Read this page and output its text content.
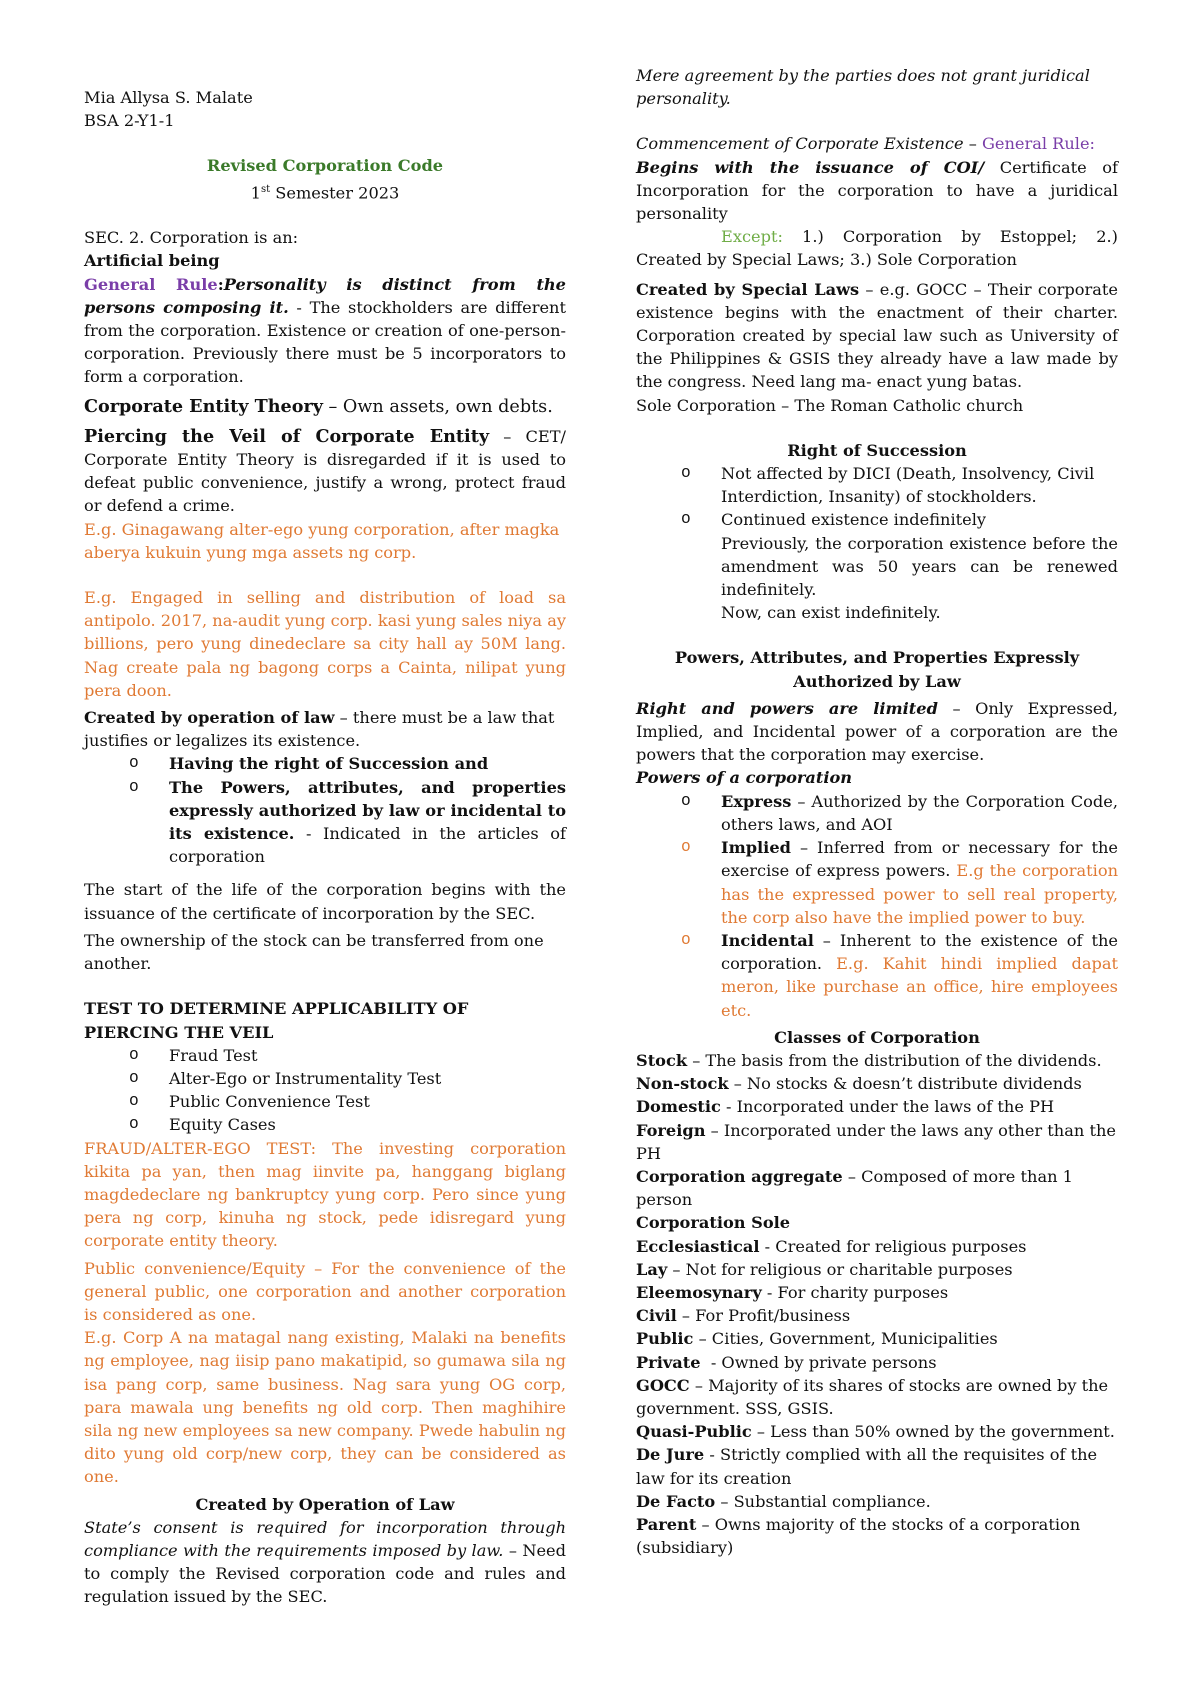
Mia Allysa S. Malate

BSA 2-Y1-1

Revised Corporation Code

1st Semester 2023

SEC. 2. Corporation is an:

Artificial being

General Rule:Personality is distinct from the persons composing it. - The stockholders are different from the corporation. Existence or creation of one-person-corporation. Previously there must be 5 incorporators to form a corporation.

Corporate Entity Theory – Own assets, own debts.

Piercing the Veil of Corporate Entity – CET/ Corporate Entity Theory is disregarded if it is used to defeat public convenience, justify a wrong, protect fraud or defend a crime.

E.g. Ginagawang alter-ego yung corporation, after magka aberya kukuin yung mga assets ng corp.

E.g. Engaged in selling and distribution of load sa antipolo. 2017, na-audit yung corp. kasi yung sales niya ay billions, pero yung dinedeclare sa city hall ay 50M lang. Nag create pala ng bagong corps a Cainta, nilipat yung pera doon.

Created by operation of law – there must be a law that justifies or legalizes its existence.

o Having the right of Succession and
o The Powers, attributes, and properties expressly authorized by law or incidental to its existence. - Indicated in the articles of corporation

The start of the life of the corporation begins with the issuance of the certificate of incorporation by the SEC.

The ownership of the stock can be transferred from one another.

TEST TO DETERMINE APPLICABILITY OF PIERCING THE VEIL

o Fraud Test
o Alter-Ego or Instrumentality Test
o Public Convenience Test
o Equity Cases

FRAUD/ALTER-EGO TEST: The investing corporation kikita pa yan, then mag iinvite pa, hanggang biglang magdedeclare ng bankruptcy yung corp. Pero since yung pera ng corp, kinuha ng stock, pede idisregard yung corporate entity theory.

Public convenience/Equity – For the convenience of the general public, one corporation and another corporation is considered as one.

E.g. Corp A na matagal nang existing, Malaki na benefits ng employee, nag iisip pano makatipid, so gumawa sila ng isa pang corp, same business. Nag sara yung OG corp, para mawala ung benefits ng old corp. Then maghihire sila ng new employees sa new company. Pwede habulin ng dito yung old corp/new corp, they can be considered as one.

Created by Operation of Law

State’s consent is required for incorporation through compliance with the requirements imposed by law. – Need to comply the Revised corporation code and rules and regulation issued by the SEC.

Mere agreement by the parties does not grant juridical personality.

Commencement of Corporate Existence – General Rule:

Begins with the issuance of COI/ Certificate of Incorporation for the corporation to have a juridical personality

Except: 1.) Corporation by Estoppel; 2.) Created by Special Laws; 3.) Sole Corporation

Created by Special Laws – e.g. GOCC – Their corporate existence begins with the enactment of their charter. Corporation created by special law such as University of the Philippines & GSIS they already have a law made by the congress. Need lang ma- enact yung batas.

Sole Corporation – The Roman Catholic church

Right of Succession

o Not affected by DICI (Death, Insolvency, Civil Interdiction, Insanity) of stockholders.
o Continued existence indefinitely

Previously, the corporation existence before the amendment was 50 years can be renewed indefinitely.

Now, can exist indefinitely.

Powers, Attributes, and Properties Expressly Authorized by Law

Right and powers are limited – Only Expressed, Implied, and Incidental power of a corporation are the powers that the corporation may exercise.

Powers of a corporation

o Express – Authorized by the Corporation Code, others laws, and AOI
o Implied – Inferred from or necessary for the exercise of express powers. E.g the corporation has the expressed power to sell real property, the corp also have the implied power to buy.
o Incidental – Inherent to the existence of the corporation. E.g. Kahit hindi implied dapat meron, like purchase an office, hire employees etc.

Classes of Corporation

Stock – The basis from the distribution of the dividends.

Non-stock – No stocks & doesn’t distribute dividends

Domestic - Incorporated under the laws of the PH

Foreign – Incorporated under the laws any other than the PH

Corporation aggregate – Composed of more than 1 person

Corporation Sole

Ecclesiastical - Created for religious purposes

Lay – Not for religious or charitable purposes

Eleemosynary - For charity purposes

Civil – For Profit/business

Public – Cities, Government, Municipalities

Private  - Owned by private persons

GOCC – Majority of its shares of stocks are owned by the government. SSS, GSIS.

Quasi-Public – Less than 50% owned by the government.

De Jure - Strictly complied with all the requisites of the law for its creation

De Facto – Substantial compliance.

Parent – Owns majority of the stocks of a corporation (subsidiary)
